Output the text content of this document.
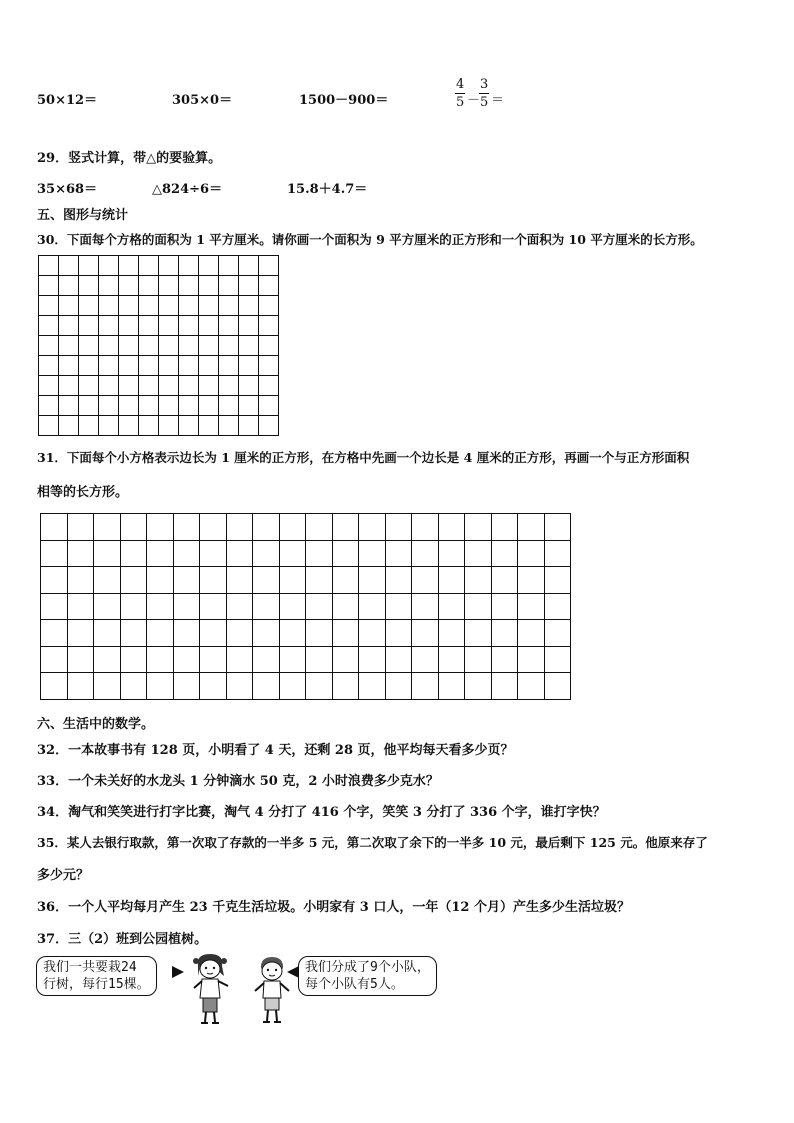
50×12＝	305×0＝	1500－900＝	$\frac{4}{5}$ －
$\frac{3}{5}$ ＝
29．竖式计算，带△的要验算。
35×68＝	△824÷6＝	15.8＋4.7＝
五、图形与统计
30．下面每个方格的面积为 1 平方厘米。请你画一个面积为 9 平方厘米的正方形和一个面积为 10 平方厘米的长方形。

31．下面每个小方格表示边长为 1 厘米的正方形，在方格中先画一个边长是 4 厘米的正方形，再画一个与正方形面积
相等的长方形。

六、生活中的数学。
32．一本故事书有 128 页，小明看了 4 天，还剩 28 页，他平均每天看多少页？
33．一个未关好的水龙头 1 分钟滴水 50 克，2 小时浪费多少克水？
34．淘气和笑笑进行打字比赛，淘气 4 分打了 416 个字，笑笑 3 分打了 336 个字，谁打字快？
35．某人去银行取款，第一次取了存款的一半多 5 元，第二次取了余下的一半多 10 元，最后剩下 125 元。他原来存了
多少元？
36．一个人平均每月产生 23 千克生活垃圾。小明家有 3 口人，一年（12 个月）产生多少生活垃圾？
37．三（2）班到公园植树。
我们一共要栽24
行树，每行15棵。
我们分成了9个小队，
每个小队有5人。
